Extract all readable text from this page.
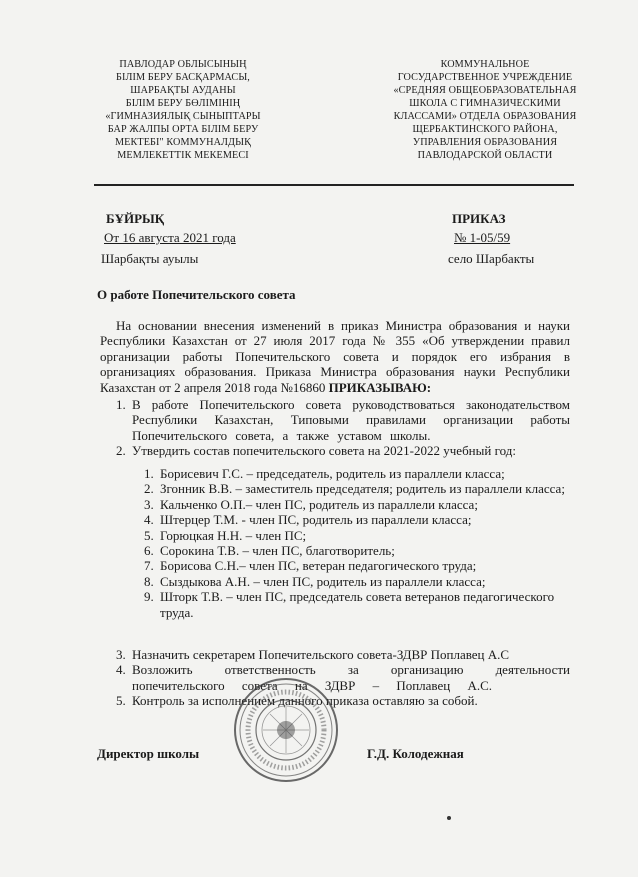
ПАВЛОДАР ОБЛЫСЫНЫҢ
БІЛІМ БЕРУ БАСҚАРМАСЫ,
ШАРБАҚТЫ АУДАНЫ
БІЛІМ БЕРУ БӨЛІМІНІҢ
«ГИМНАЗИЯЛЫҚ СЫНЫПТАРЫ
БАР ЖАЛПЫ ОРТА БІЛІМ БЕРУ
МЕКТЕБІ" КОММУНАЛДЫҚ
МЕМЛЕКЕТТІК МЕКЕМЕСІ
КОММУНАЛЬНОЕ
ГОСУДАРСТВЕННОЕ УЧРЕЖДЕНИЕ
«СРЕДНЯЯ ОБЩЕОБРАЗОВАТЕЛЬНАЯ
ШКОЛА С ГИМНАЗИЧЕСКИМИ
КЛАССАМИ» ОТДЕЛА ОБРАЗОВАНИЯ
ЩЕРБАКТИНСКОГО РАЙОНА,
УПРАВЛЕНИЯ ОБРАЗОВАНИЯ
ПАВЛОДАРСКОЙ ОБЛАСТИ
БҰЙРЫҚ	ПРИКАЗ
От 16 августа 2021 года	№ 1-05/59
Шарбақты ауылы	село Шарбакты
О работе Попечительского совета
На основании внесения изменений в приказ Министра образования и науки Республики Казахстан от 27 июля 2017 года № 355 «Об утверждении правил организации работы Попечительского совета и порядок его избрания в организациях образования. Приказа Министра образования науки Республики Казахстан от 2 апреля 2018 года №16860 ПРИКАЗЫВАЮ:
1. В работе Попечительского совета руководствоваться законодательством Республики Казахстан, Типовыми правилами организации работы Попечительского совета, а также уставом школы.
2. Утвердить состав попечительского совета на 2021-2022 учебный год:
1. Борисевич Г.С. – председатель, родитель из параллели класса;
2. Згонник В.В. – заместитель председателя; родитель из параллели класса;
3. Кальченко О.П.– член ПС, родитель из параллели класса;
4. Штерцер Т.М. - член ПС, родитель из параллели класса;
5. Горюцкая Н.Н. – член ПС;
6. Сорокина Т.В. – член ПС, благотворитель;
7. Борисова С.Н.– член ПС, ветеран педагогического труда;
8. Сыздыкова А.Н. – член ПС, родитель из параллели класса;
9. Шторк Т.В. – член ПС, председатель совета ветеранов педагогического труда.
3. Назначить секретарем Попечительского совета-ЗДВР Поплавец А.С
4. Возложить ответственность за организацию деятельности попечительского совета на ЗДВР – Поплавец А.С.
5. Контроль за исполнением данного приказа оставляю за собой.
Директор школы	Г.Д. Колодежная
